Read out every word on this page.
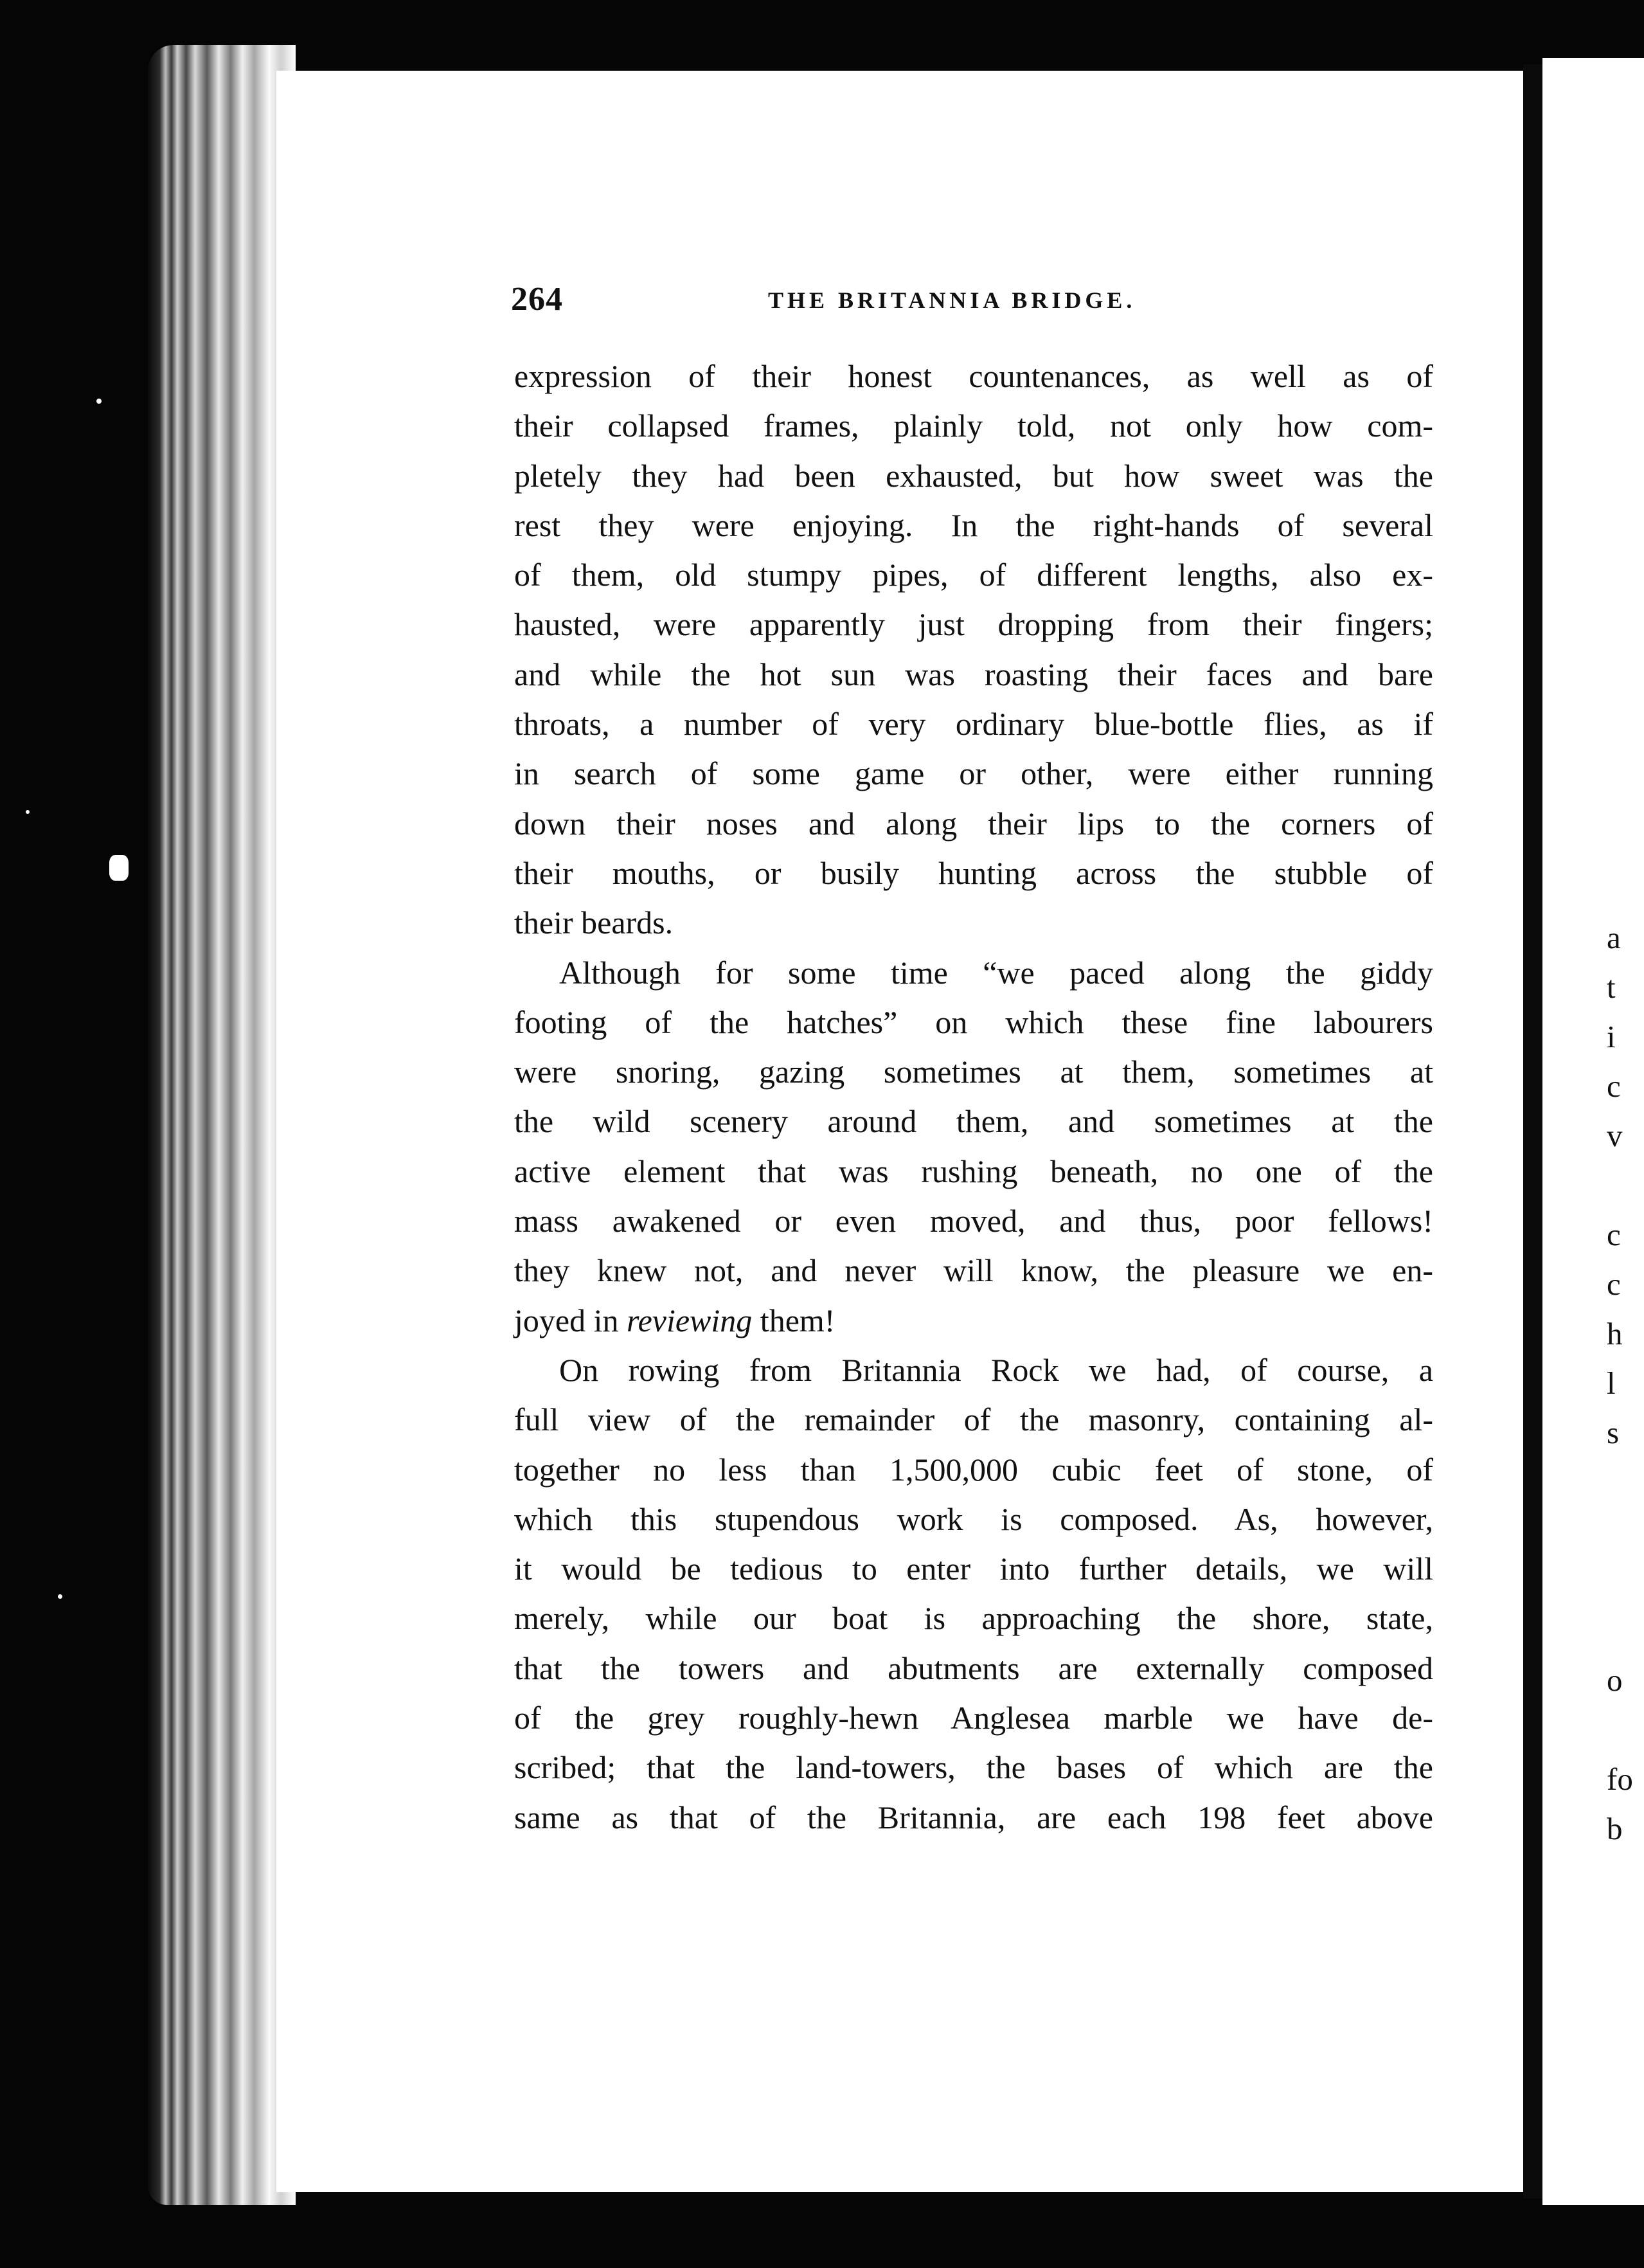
264	THE BRITANNIA BRIDGE.
expression of their honest countenances, as well as of
their collapsed frames, plainly told, not only how com-
pletely they had been exhausted, but how sweet was the
rest they were enjoying. In the right-hands of several
of them, old stumpy pipes, of different lengths, also ex-
hausted, were apparently just dropping from their fingers;
and while the hot sun was roasting their faces and bare
throats, a number of very ordinary blue-bottle flies, as if
in search of some game or other, were either running
down their noses and along their lips to the corners of
their mouths, or busily hunting across the stubble of
their beards.
Although for some time “we paced along the giddy
footing of the hatches” on which these fine labourers
were snoring, gazing sometimes at them, sometimes at
the wild scenery around them, and sometimes at the
active element that was rushing beneath, no one of the
mass awakened or even moved, and thus, poor fellows!
they knew not, and never will know, the pleasure we en-
joyed in reviewing them!
On rowing from Britannia Rock we had, of course, a
full view of the remainder of the masonry, containing al-
together no less than 1,500,000 cubic feet of stone, of
which this stupendous work is composed. As, however,
it would be tedious to enter into further details, we will
merely, while our boat is approaching the shore, state,
that the towers and abutments are externally composed
of the grey roughly-hewn Anglesea marble we have de-
scribed; that the land-towers, the bases of which are the
same as that of the Britannia, are each 198 feet above
a
t
i
c
v
c
c
h
l
s
o
fo
b
